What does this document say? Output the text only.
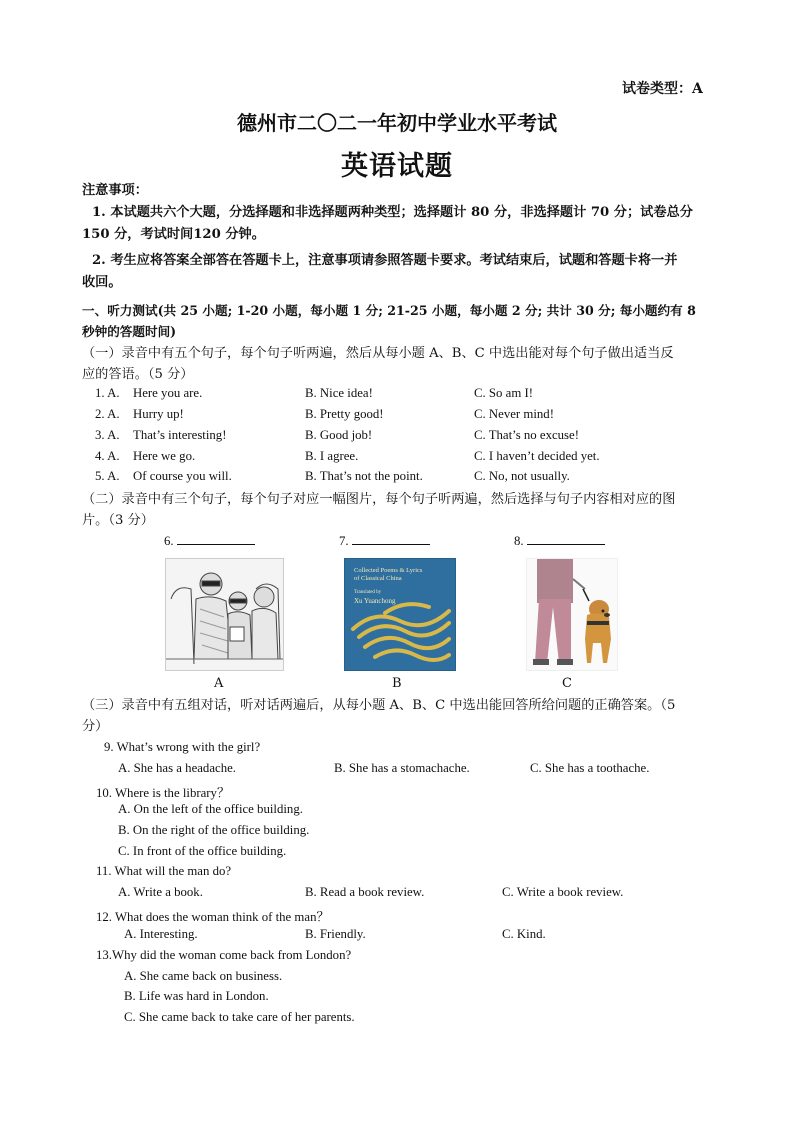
试卷类型：A
德州市二〇二一年初中学业水平考试
英语试题
注意事项：
1. 本试题共六个大题，分选择题和非选择题两种类型；选择题计 80 分，非选择题计 70 分；试卷总分
150 分，考试时间120 分钟。
2. 考生应将答案全部答在答题卡上，注意事项请参照答题卡要求。考试结束后，试题和答题卡将一并
收回。
一、听力测试(共 25 小题; 1-20 小题，每小题 1 分; 21-25 小题，每小题 2 分; 共计 30 分; 每小题约有 8
秒钟的答题时间)
（一）录音中有五个句子，每个句子听两遍，然后从每小题 A、B、C 中选出能对每个句子做出适当反
应的答语。（5 分）
1. A. Here you are.	B. Nice idea!	C. So am I!
2. A. Hurry up!	B. Pretty good!	C. Never mind!
3. A. That’s interesting!	B. Good job!	C. That’s no excuse!
4. A. Here we go.	B. I agree.	C. I haven’t decided yet.
5. A. Of course you will.	B. That’s not the point.	C. No, not usually.
（二）录音中有三个句子，每个句子对应一幅图片，每个句子听两遍，然后选择与句子内容相对应的图
片。（3 分）
6.	7.	8.
Collected Poems & Lyrics
of Classical China
Translated by
Xu Yuanchong
A	B	C
（三）录音中有五组对话，听对话两遍后，从每小题 A、B、C 中选出能回答所给问题的正确答案。（5
分）
9. What’s wrong with the girl?
A. She has a headache.	B. She has a stomachache.	C. She has a toothache.
10. Where is the library？
A. On the left of the office building.
B. On the right of the office building.
C. In front of the office building.
11. What will the man do?
A. Write a book.	B. Read a book review.	C. Write a book review.
12. What does the woman think of the man？
A. Interesting.	B. Friendly.	C. Kind.
13.Why did the woman come back from London?
A. She came back on business.
B. Life was hard in London.
C. She came back to take care of her parents.
